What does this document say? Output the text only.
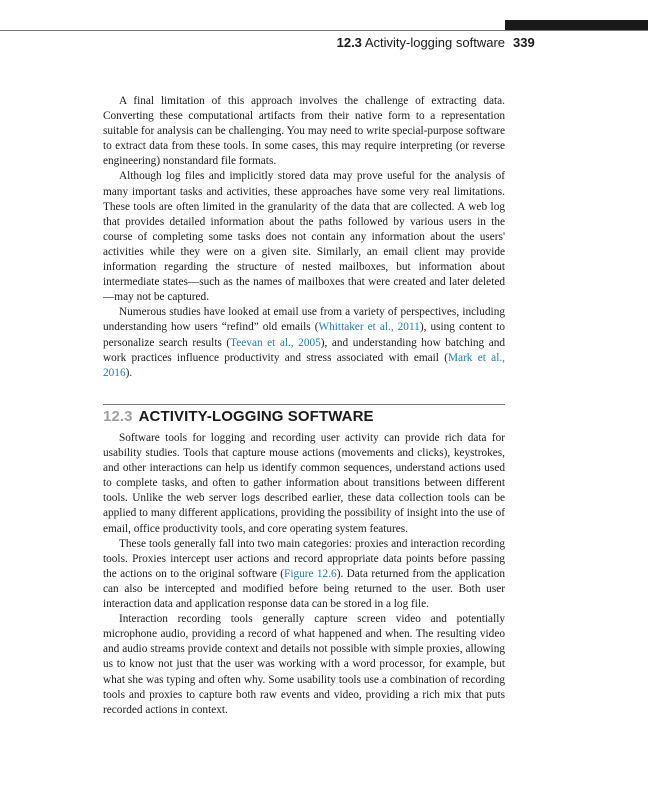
12.3 Activity-logging software 339

A final limitation of this approach involves the challenge of extracting data. Converting these computational artifacts from their native form to a representation suitable for analysis can be challenging. You may need to write special-purpose software to extract data from these tools. In some cases, this may require interpreting (or reverse engineering) nonstandard file formats.

Although log files and implicitly stored data may prove useful for the analysis of many important tasks and activities, these approaches have some very real limitations. These tools are often limited in the granularity of the data that are collected. A web log that provides detailed information about the paths followed by various users in the course of completing some tasks does not contain any information about the users' activities while they were on a given site. Similarly, an email client may provide information regarding the structure of nested mailboxes, but information about intermediate states—such as the names of mailboxes that were created and later deleted—may not be captured.

Numerous studies have looked at email use from a variety of perspectives, including understanding how users “refind” old emails (Whittaker et al., 2011), using content to personalize search results (Teevan et al., 2005), and understanding how batching and work practices influence productivity and stress associated with email (Mark et al., 2016).

12.3 ACTIVITY-LOGGING SOFTWARE

Software tools for logging and recording user activity can provide rich data for usability studies. Tools that capture mouse actions (movements and clicks), keystrokes, and other interactions can help us identify common sequences, understand actions used to complete tasks, and often to gather information about transitions between different tools. Unlike the web server logs described earlier, these data collection tools can be applied to many different applications, providing the possibility of insight into the use of email, office productivity tools, and core operating system features.

These tools generally fall into two main categories: proxies and interaction recording tools. Proxies intercept user actions and record appropriate data points before passing the actions on to the original software (Figure 12.6). Data returned from the application can also be intercepted and modified before being returned to the user. Both user interaction data and application response data can be stored in a log file.

Interaction recording tools generally capture screen video and potentially microphone audio, providing a record of what happened and when. The resulting video and audio streams provide context and details not possible with simple proxies, allowing us to know not just that the user was working with a word processor, for example, but what she was typing and often why. Some usability tools use a combination of recording tools and proxies to capture both raw events and video, providing a rich mix that puts recorded actions in context.
